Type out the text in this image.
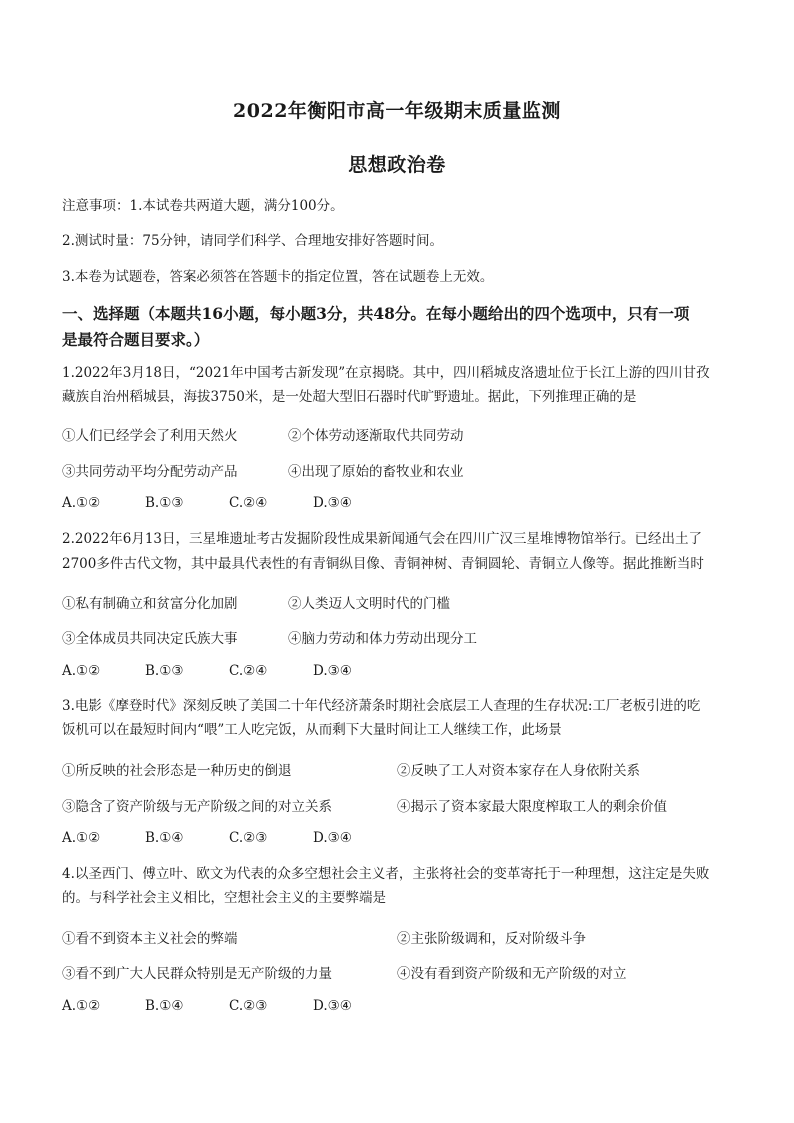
2022年衡阳市高一年级期末质量监测
思想政治卷
注意事项：1.本试卷共两道大题，满分100分。
2.测试时量：75分钟，请同学们科学、合理地安排好答题时间。
3.本卷为试题卷，答案必须答在答题卡的指定位置，答在试题卷上无效。
一、选择题（本题共16小题，每小题3分，共48分。在每小题给出的四个选项中，只有一项
是最符合题目要求。）
1.2022年3月18日，“2021年中国考古新发现”在京揭晓。其中，四川稻城皮洛遗址位于长江上游的四川甘孜
藏族自治州稻城县，海拔3750米，是一处超大型旧石器时代旷野遗址。据此，下列推理正确的是
①人们已经学会了利用天然火	②个体劳动逐渐取代共同劳动
③共同劳动平均分配劳动产品	④出现了原始的畜牧业和农业
A.①②	B.①③	C.②④	D.③④
2.2022年6月13日，三星堆遗址考古发掘阶段性成果新闻通气会在四川广汉三星堆博物馆举行。已经出土了
2700多件古代文物，其中最具代表性的有青铜纵目像、青铜神树、青铜圆轮、青铜立人像等。据此推断当时
①私有制确立和贫富分化加剧	②人类迈人文明时代的门槛
③全体成员共同决定氏族大事	④脑力劳动和体力劳动出现分工
A.①②	B.①③	C.②④	D.③④
3.电影《摩登时代》深刻反映了美国二十年代经济萧条时期社会底层工人查理的生存状况:工厂老板引进的吃
饭机可以在最短时间内“喂”工人吃完饭，从而剩下大量时间让工人继续工作，此场景
①所反映的社会形态是一种历史的倒退	②反映了工人对资本家存在人身依附关系
③隐含了资产阶级与无产阶级之间的对立关系	④揭示了资本家最大限度榨取工人的剩余价值
A.①②	B.①④	C.②③	D.③④
4.以圣西门、傅立叶、欧文为代表的众多空想社会主义者，主张将社会的变革寄托于一种理想，这注定是失败
的。与科学社会主义相比，空想社会主义的主要弊端是
①看不到资本主义社会的弊端	②主张阶级调和，反对阶级斗争
③看不到广大人民群众特别是无产阶级的力量	④没有看到资产阶级和无产阶级的对立
A.①②	B.①④	C.②③	D.③④
